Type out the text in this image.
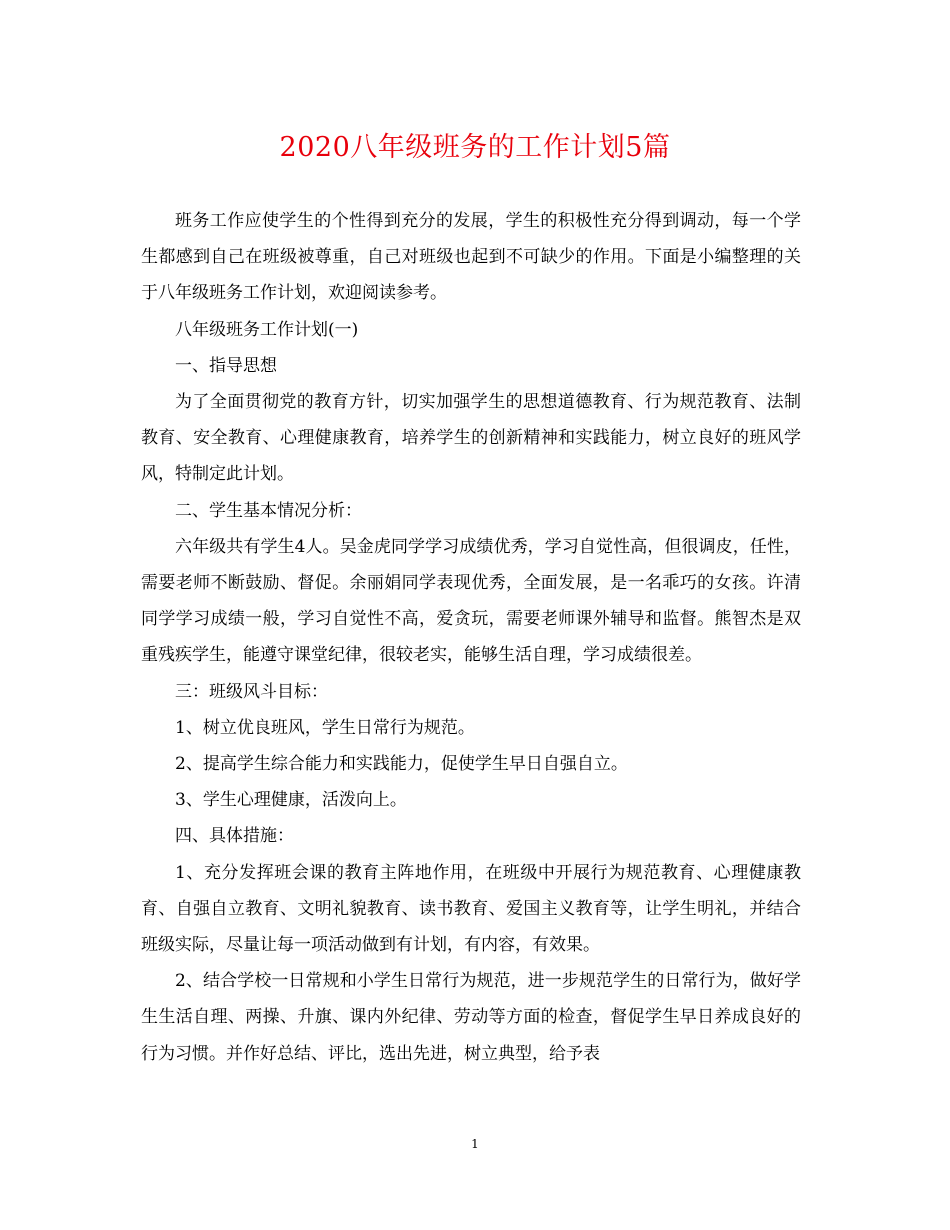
2020八年级班务的工作计划5篇

班务工作应使学生的个性得到充分的发展，学生的积极性充分得到调动，每一个学生都感到自己在班级被尊重，自己对班级也起到不可缺少的作用。下面是小编整理的关于八年级班务工作计划，欢迎阅读参考。

八年级班务工作计划(一)

一、指导思想

为了全面贯彻党的教育方针，切实加强学生的思想道德教育、行为规范教育、法制教育、安全教育、心理健康教育，培养学生的创新精神和实践能力，树立良好的班风学风，特制定此计划。

二、学生基本情况分析：

六年级共有学生4人。吴金虎同学学习成绩优秀，学习自觉性高，但很调皮，任性，需要老师不断鼓励、督促。余丽娟同学表现优秀，全面发展，是一名乖巧的女孩。许清同学学习成绩一般，学习自觉性不高，爱贪玩，需要老师课外辅导和监督。熊智杰是双重残疾学生，能遵守课堂纪律，很较老实，能够生活自理，学习成绩很差。

三：班级风斗目标：

1、树立优良班风，学生日常行为规范。

2、提高学生综合能力和实践能力，促使学生早日自强自立。

3、学生心理健康，活泼向上。

四、具体措施：

1、充分发挥班会课的教育主阵地作用，在班级中开展行为规范教育、心理健康教育、自强自立教育、文明礼貌教育、读书教育、爱国主义教育等，让学生明礼，并结合班级实际，尽量让每一项活动做到有计划，有内容，有效果。

2、结合学校一日常规和小学生日常行为规范，进一步规范学生的日常行为，做好学生生活自理、两操、升旗、课内外纪律、劳动等方面的检查，督促学生早日养成良好的行为习惯。并作好总结、评比，选出先进，树立典型，给予表

1
